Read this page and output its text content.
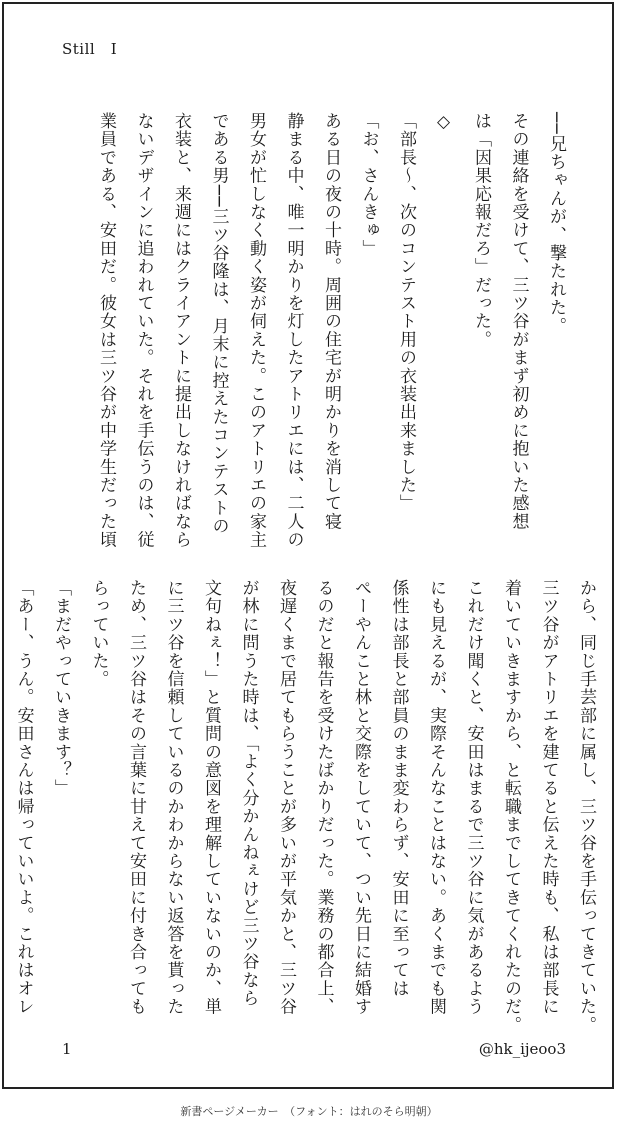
Still　I
──兄ちゃんが、撃たれた。
その連絡を受けて、三ツ谷がまず初めに抱いた感想
は「因果応報だろ」だった。
◇
「部長〜、次のコンテスト用の衣装出来ました」
「お、さんきゅ」
ある日の夜の十時。周囲の住宅が明かりを消して寝
静まる中、唯一明かりを灯したアトリエには、二人の
男女が忙しなく動く姿が伺えた。このアトリエの家主
である男──三ツ谷隆は、月末に控えたコンテストの
衣装と、来週にはクライアントに提出しなければなら
ないデザインに追われていた。それを手伝うのは、従
業員である、安田だ。彼女は三ツ谷が中学生だった頃
から、同じ手芸部に属し、三ツ谷を手伝ってきていた。
三ツ谷がアトリエを建てると伝えた時も、私は部長に
着いていきますから、と転職までしてきてくれたのだ。
これだけ聞くと、安田はまるで三ツ谷に気があるよう
にも見えるが、実際そんなことはない。あくまでも関
係性は部長と部員のまま変わらず、安田に至っては
ぺーやんこと林と交際をしていて、つい先日に結婚す
るのだと報告を受けたばかりだった。業務の都合上、
夜遅くまで居てもらうことが多いが平気かと、三ツ谷
が林に問うた時は、「よく分かんねぇけど三ツ谷なら
文句ねぇ！」と質問の意図を理解していないのか、単
に三ツ谷を信頼しているのかわからない返答を貰った
ため、三ツ谷はその言葉に甘えて安田に付き合っても
らっていた。
「まだやっていきます？」
「あー、うん。安田さんは帰っていいよ。これはオレ
1	@hk_ijeoo3
新書ページメーカー　（フォント：はれのそら明朝）
